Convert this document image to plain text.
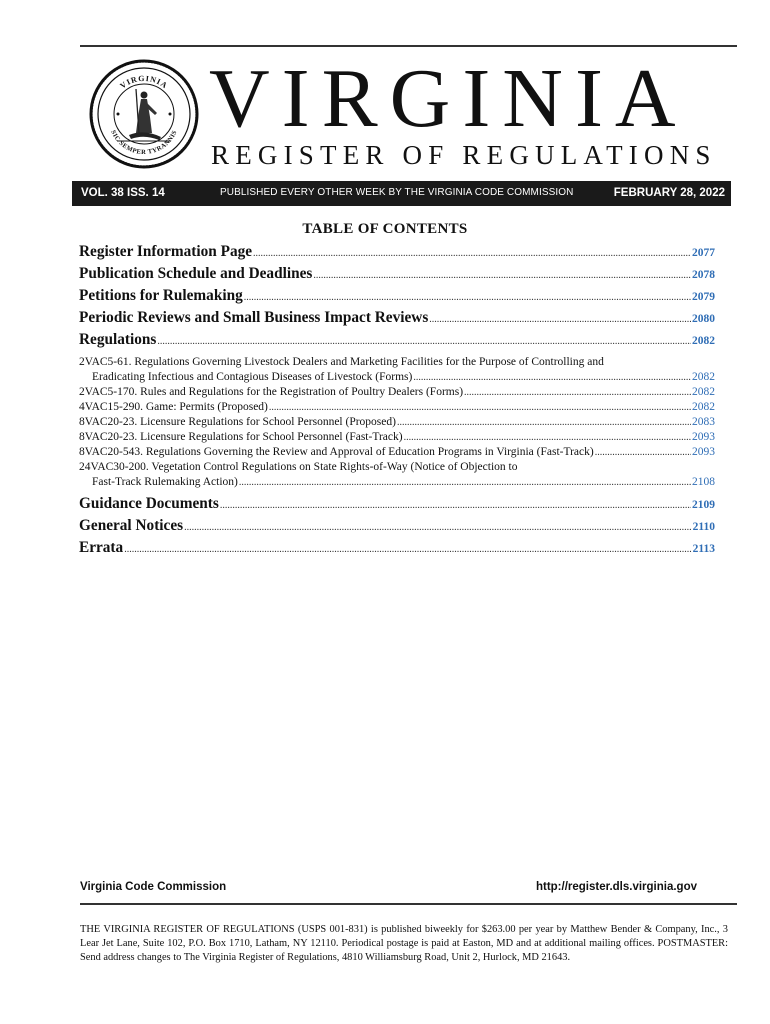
VIRGINIA
SIC SEMPER TYRANNIS VIRGINIA
REGISTER OF REGULATIONS
VOL. 38 ISS. 14	PUBLISHED EVERY OTHER WEEK BY THE VIRGINIA CODE COMMISSION	FEBRUARY 28, 2022
TABLE OF CONTENTS
Register Information Page .....	2077
Publication Schedule and Deadlines .....	2078
Petitions for Rulemaking .....	2079
Periodic Reviews and Small Business Impact Reviews .....	2080
Regulations .....	2082
2VAC5-61. Regulations Governing Livestock Dealers and Marketing Facilities for the Purpose of Controlling and
Eradicating Infectious and Contagious Diseases of Livestock (Forms) .....	2082
2VAC5-170. Rules and Regulations for the Registration of Poultry Dealers (Forms) .....	2082
4VAC15-290. Game: Permits (Proposed) .....	2082
8VAC20-23. Licensure Regulations for School Personnel (Proposed) .....	2083
8VAC20-23. Licensure Regulations for School Personnel (Fast-Track) .....	2093
8VAC20-543. Regulations Governing the Review and Approval of Education Programs in Virginia (Fast-Track) .....	2093
24VAC30-200. Vegetation Control Regulations on State Rights-of-Way (Notice of Objection to
Fast-Track Rulemaking Action) .....	2108
Guidance Documents .....	2109
General Notices .....	2110
Errata .....	2113
Virginia Code Commission	http://register.dls.virginia.gov
THE VIRGINIA REGISTER OF REGULATIONS (USPS 001-831) is published biweekly for $263.00 per year by Matthew Bender & Company, Inc., 3 Lear Jet Lane, Suite 102, P.O. Box 1710, Latham, NY 12110. Periodical postage is paid at Easton, MD and at additional mailing offices. POSTMASTER: Send address changes to The Virginia Register of Regulations, 4810 Williamsburg Road, Unit 2, Hurlock, MD 21643.
